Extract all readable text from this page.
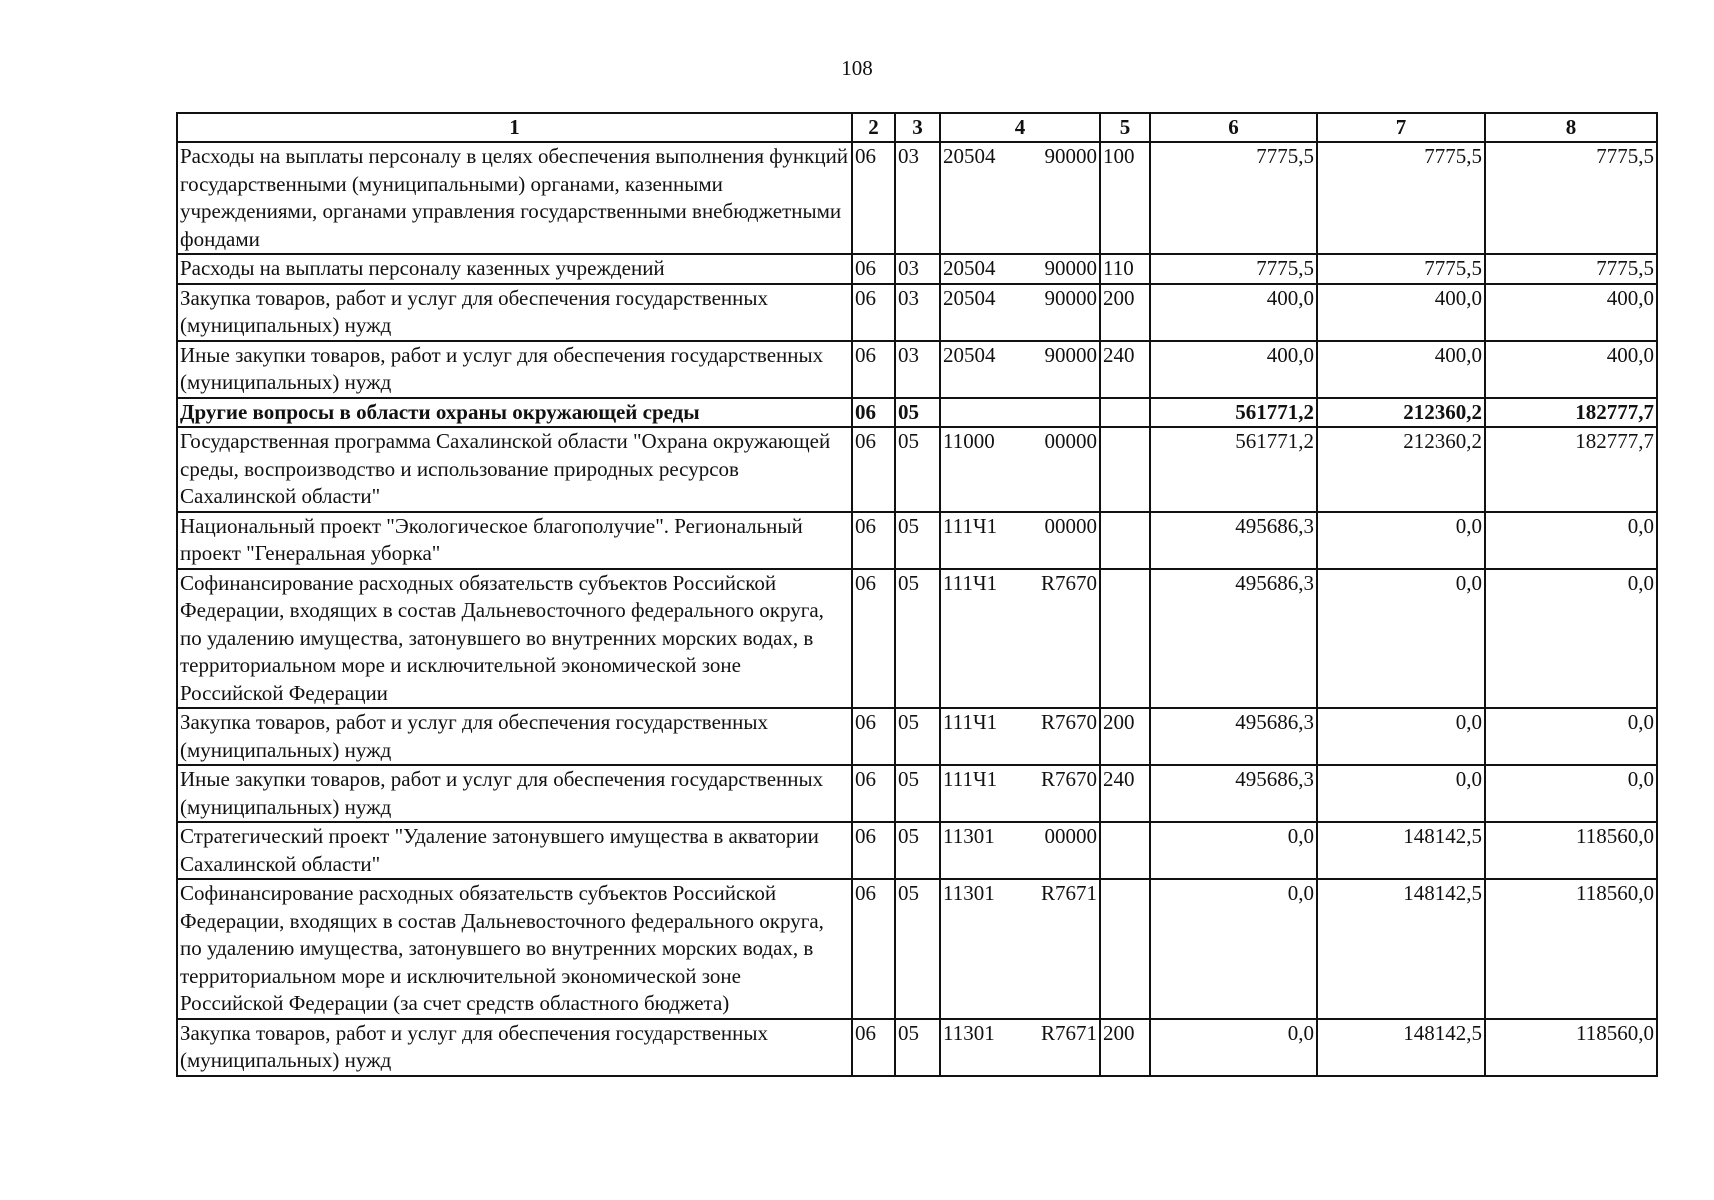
108
1	2	3	4	5	6	7	8
Расходы на выплаты персоналу в целях обеспечения выполнения функций государственными (муниципальными) органами, казенными учреждениями, органами управления государственными внебюджетными фондами	06	03	20504 90000	100	7775,5	7775,5	7775,5
Расходы на выплаты персоналу казенных учреждений	06	03	20504 90000	110	7775,5	7775,5	7775,5
Закупка товаров, работ и услуг для обеспечения государственных (муниципальных) нужд	06	03	20504 90000	200	400,0	400,0	400,0
Иные закупки товаров, работ и услуг для обеспечения государственных (муниципальных) нужд	06	03	20504 90000	240	400,0	400,0	400,0
Другие вопросы в области охраны окружающей среды	06	05			561771,2	212360,2	182777,7
Государственная программа Сахалинской области "Охрана окружающей среды, воспроизводство и использование природных ресурсов Сахалинской области"	06	05	11000 00000		561771,2	212360,2	182777,7
Национальный проект "Экологическое благополучие". Региональный проект "Генеральная уборка"	06	05	111Ч1 00000		495686,3	0,0	0,0
Софинансирование расходных обязательств субъектов Российской Федерации, входящих в состав Дальневосточного федерального округа, по удалению имущества, затонувшего во внутренних морских водах, в территориальном море и исключительной экономической зоне Российской Федерации	06	05	111Ч1 R7670		495686,3	0,0	0,0
Закупка товаров, работ и услуг для обеспечения государственных (муниципальных) нужд	06	05	111Ч1 R7670	200	495686,3	0,0	0,0
Иные закупки товаров, работ и услуг для обеспечения государственных (муниципальных) нужд	06	05	111Ч1 R7670	240	495686,3	0,0	0,0
Стратегический проект "Удаление затонувшего имущества в акватории Сахалинской области"	06	05	11301 00000		0,0	148142,5	118560,0
Софинансирование расходных обязательств субъектов Российской Федерации, входящих в состав Дальневосточного федерального округа, по удалению имущества, затонувшего во внутренних морских водах, в территориальном море и исключительной экономической зоне Российской Федерации (за счет средств областного бюджета)	06	05	11301 R7671		0,0	148142,5	118560,0
Закупка товаров, работ и услуг для обеспечения государственных (муниципальных) нужд	06	05	11301 R7671	200	0,0	148142,5	118560,0
